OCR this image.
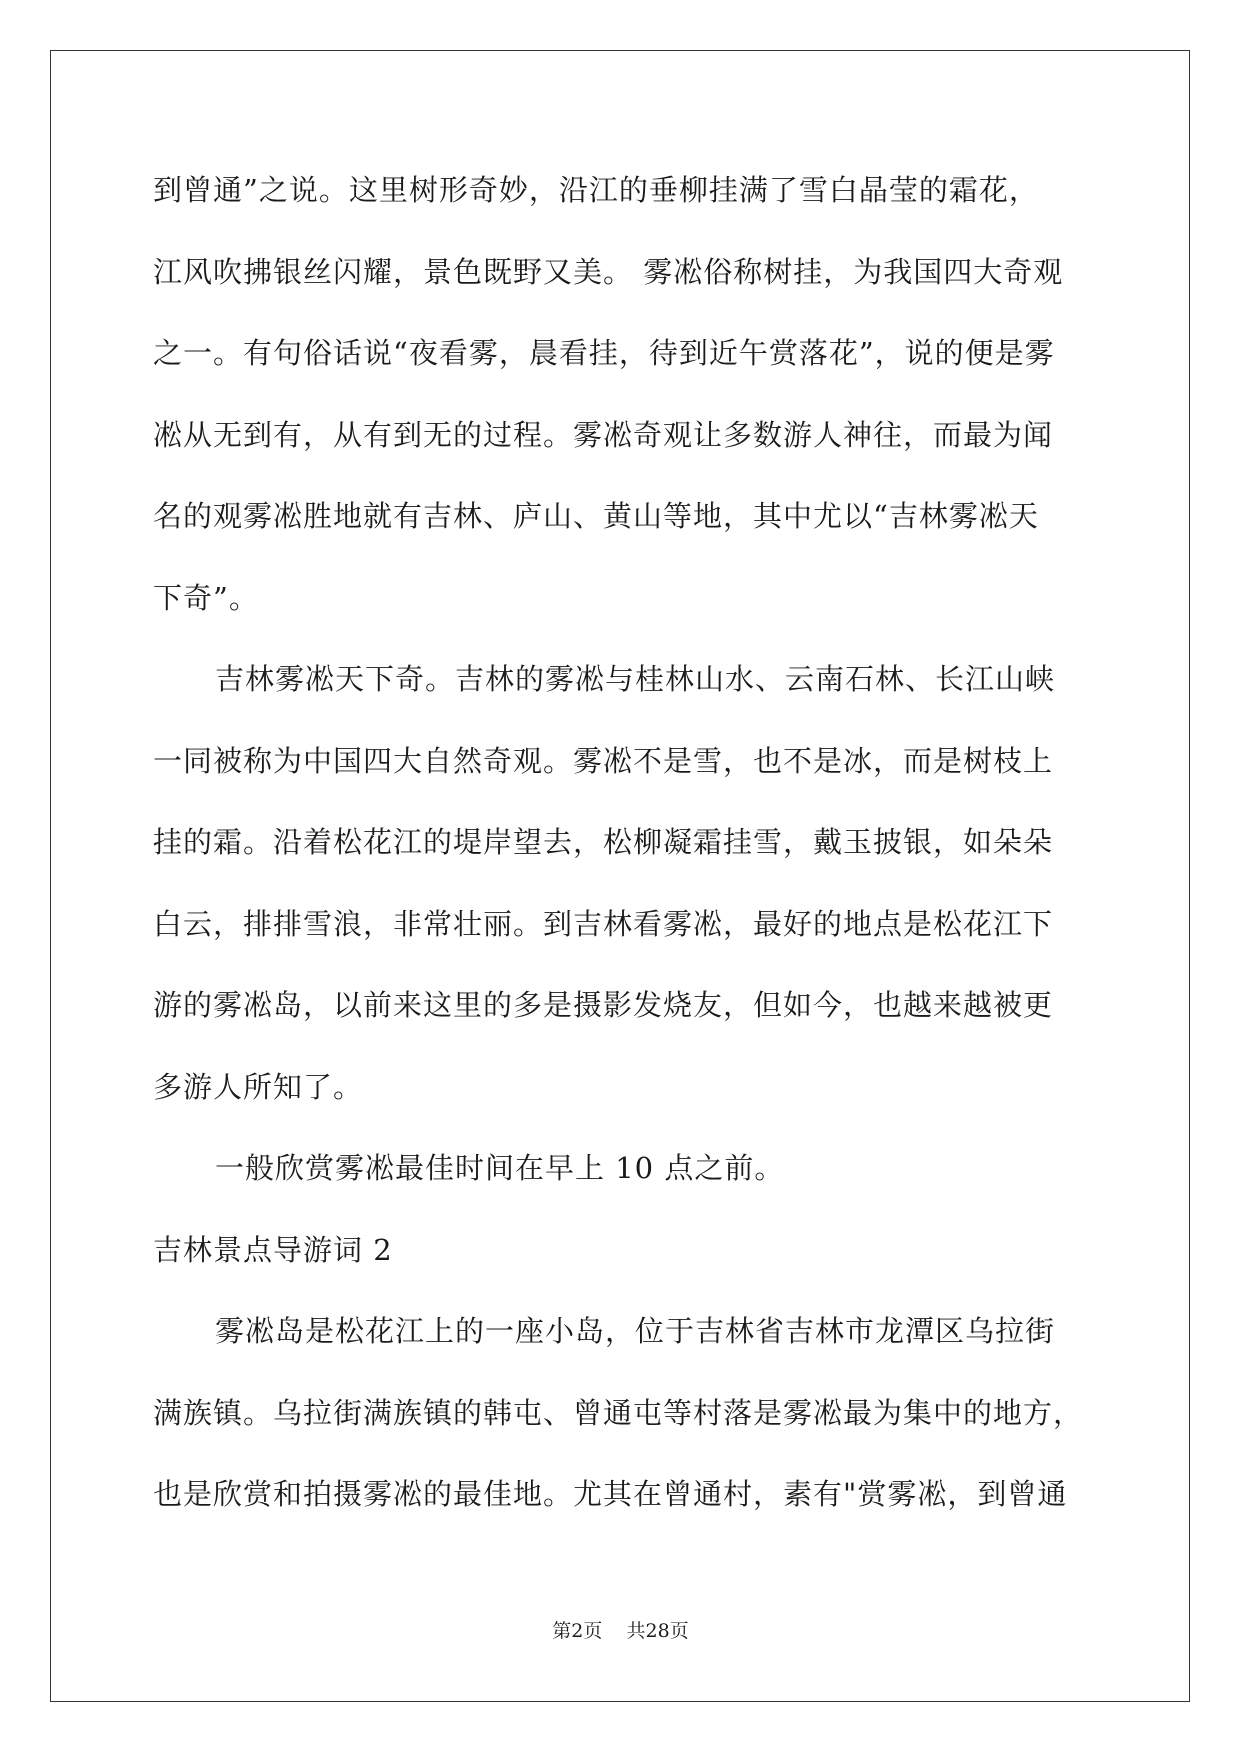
到曾通”之说。这里树形奇妙，沿江的垂柳挂满了雪白晶莹的霜花，
江风吹拂银丝闪耀，景色既野又美。 雾凇俗称树挂，为我国四大奇观
之一。有句俗话说“夜看雾，晨看挂，待到近午赏落花”，说的便是雾
凇从无到有，从有到无的过程。雾凇奇观让多数游人神往，而最为闻
名的观雾凇胜地就有吉林、庐山、黄山等地，其中尤以“吉林雾凇天
下奇”。
吉林雾凇天下奇。吉林的雾凇与桂林山水、云南石林、长江山峡
一同被称为中国四大自然奇观。雾凇不是雪，也不是冰，而是树枝上
挂的霜。沿着松花江的堤岸望去，松柳凝霜挂雪，戴玉披银，如朵朵
白云，排排雪浪，非常壮丽。到吉林看雾凇，最好的地点是松花江下
游的雾凇岛，以前来这里的多是摄影发烧友，但如今，也越来越被更
多游人所知了。
一般欣赏雾凇最佳时间在早上 10 点之前。
吉林景点导游词 2
雾凇岛是松花江上的一座小岛，位于吉林省吉林市龙潭区乌拉街
满族镇。乌拉街满族镇的韩屯、曾通屯等村落是雾凇最为集中的地方，
也是欣赏和拍摄雾凇的最佳地。尤其在曾通村，素有"赏雾凇，到曾通
第2页 共28页
